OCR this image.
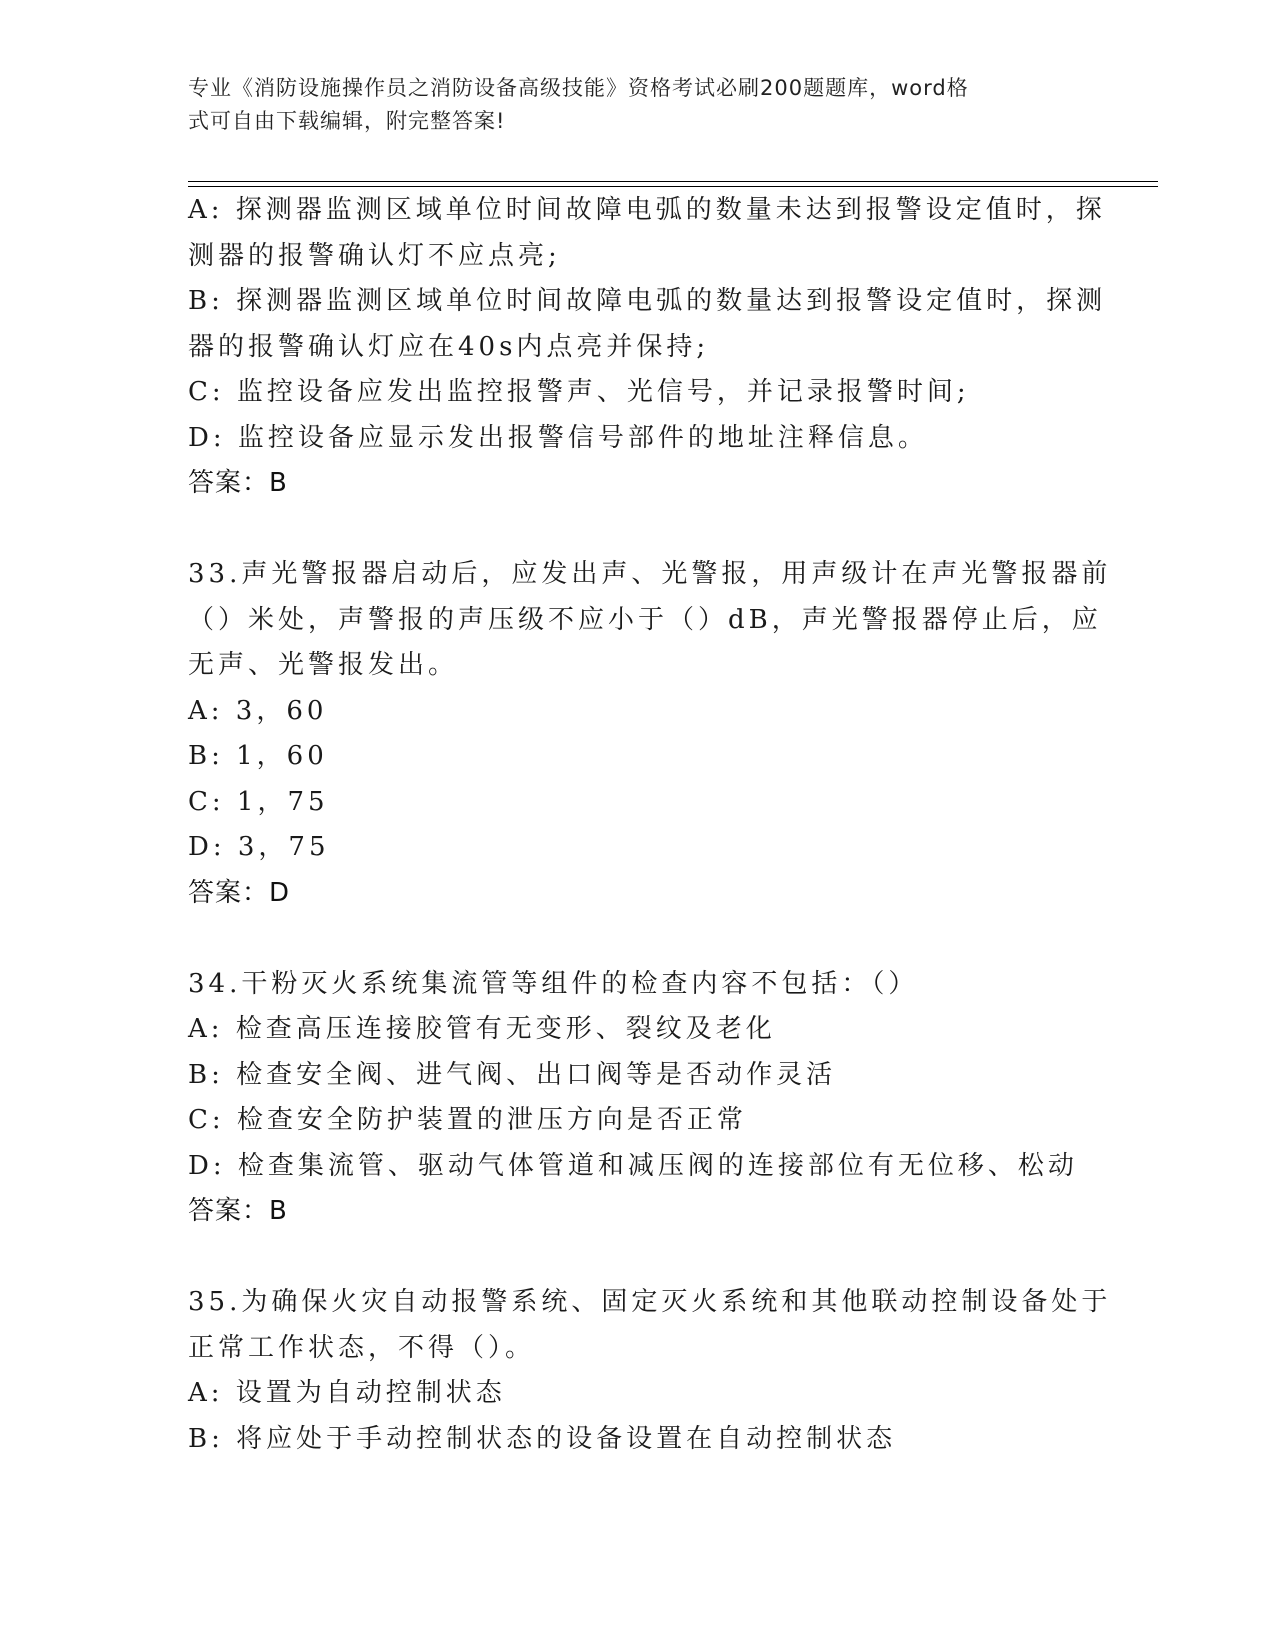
专业《消防设施操作员之消防设备高级技能》资格考试必刷200题题库，word格
式可自由下载编辑，附完整答案!
A: 探测器监测区域单位时间故障电弧的数量未达到报警设定值时，探
测器的报警确认灯不应点亮;
B: 探测器监测区域单位时间故障电弧的数量达到报警设定值时，探测
器的报警确认灯应在40s内点亮并保持;
C: 监控设备应发出监控报警声、光信号，并记录报警时间;
D: 监控设备应显示发出报警信号部件的地址注释信息。
答案：B
33.声光警报器启动后，应发出声、光警报，用声级计在声光警报器前
（）米处，声警报的声压级不应小于（）dB，声光警报器停止后，应
无声、光警报发出。
A: 3，60
B: 1，60
C: 1，75
D: 3，75
答案：D
34.干粉灭火系统集流管等组件的检查内容不包括：（）
A: 检查高压连接胶管有无变形、裂纹及老化
B: 检查安全阀、进气阀、出口阀等是否动作灵活
C: 检查安全防护装置的泄压方向是否正常
D: 检查集流管、驱动气体管道和减压阀的连接部位有无位移、松动
答案：B
35.为确保火灾自动报警系统、固定灭火系统和其他联动控制设备处于
正常工作状态，不得（）。
A: 设置为自动控制状态
B: 将应处于手动控制状态的设备设置在自动控制状态
